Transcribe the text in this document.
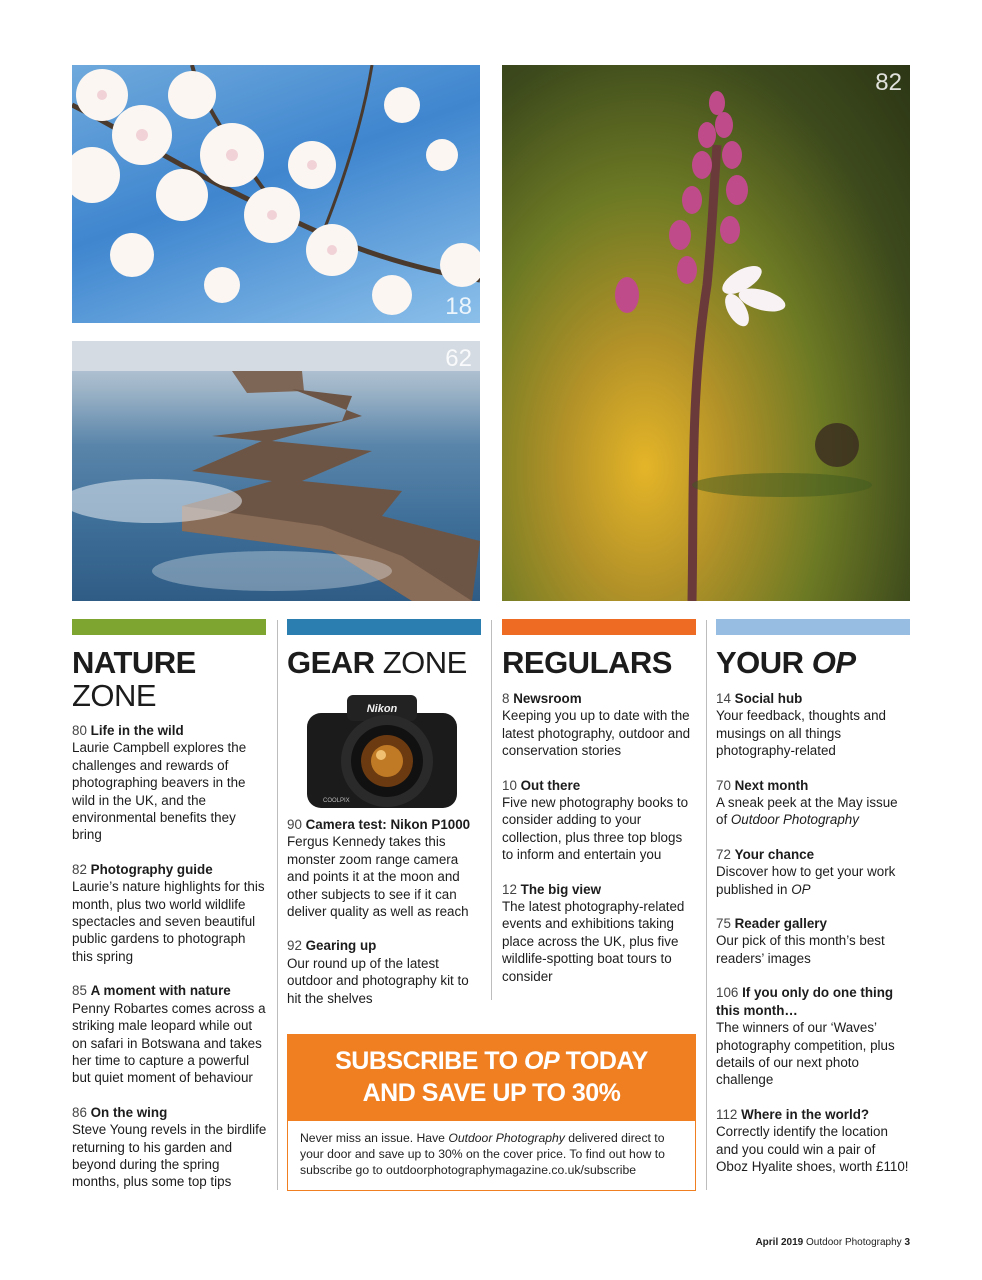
18
62
82
NATURE
ZONE
80 Life in the wild
Laurie Campbell explores the challenges and rewards of photographing beavers in the wild in the UK, and the environmental benefits they bring
82 Photography guide
Laurie’s nature highlights for this month, plus two world wildlife spectacles and seven beautiful public gardens to photograph this spring
85 A moment with nature
Penny Robartes comes across a striking male leopard while out on safari in Botswana and takes her time to capture a powerful but quiet moment of behaviour
86 On the wing
Steve Young revels in the birdlife returning to his garden and beyond during the spring months, plus some top tips
GEAR ZONE
Nikon
COOLPIX
90 Camera test: Nikon P1000
Fergus Kennedy takes this monster zoom range camera and points it at the moon and other subjects to see if it can deliver quality as well as reach
92 Gearing up
Our round up of the latest outdoor and photography kit to hit the shelves
REGULARS
8 Newsroom
Keeping you up to date with the latest photography, outdoor and conservation stories
10 Out there
Five new photography books to consider adding to your collection, plus three top blogs to inform and entertain you
12 The big view
The latest photography-related events and exhibitions taking place across the UK, plus five wildlife-spotting boat tours to consider
YOUR OP
14 Social hub
Your feedback, thoughts and musings on all things photography-related
70 Next month
A sneak peek at the May issue of Outdoor Photography
72 Your chance
Discover how to get your work published in OP
75 Reader gallery
Our pick of this month’s best readers’ images
106 If you only do one thing this month…
The winners of our ‘Waves’ photography competition, plus details of our next photo challenge
112 Where in the world?
Correctly identify the location and you could win a pair of Oboz Hyalite shoes, worth £110!
SUBSCRIBE TO OP TODAY
AND SAVE UP TO 30%
Never miss an issue. Have Outdoor Photography delivered direct to your door and save up to 30% on the cover price. To find out how to subscribe go to outdoorphotographymagazine.co.uk/subscribe
April 2019 Outdoor Photography 3
